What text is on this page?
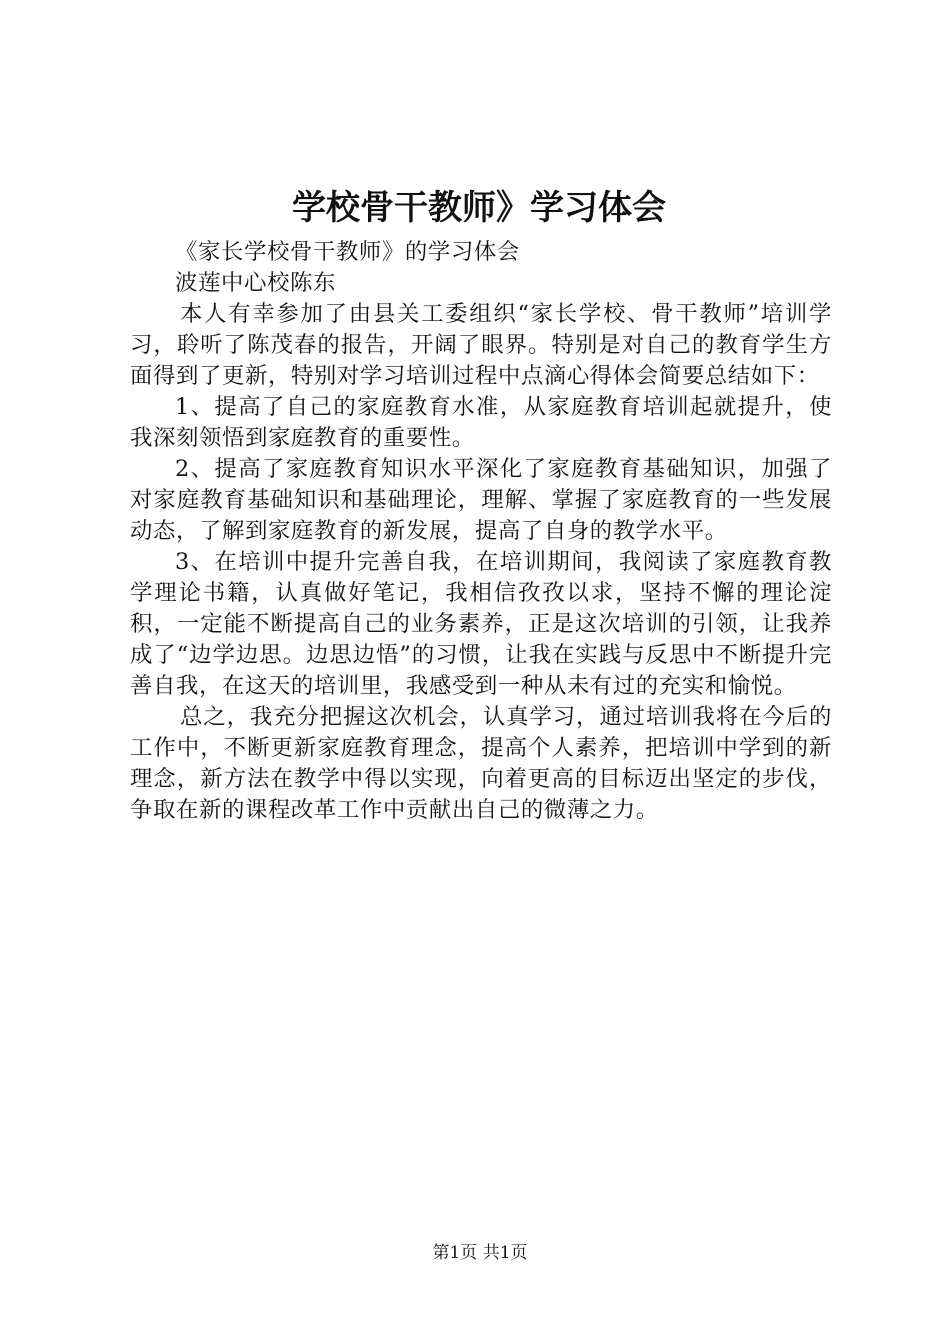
学校骨干教师》学习体会

《家长学校骨干教师》的学习体会

波莲中心校陈东

本人有幸参加了由县关工委组织“家长学校、骨干教师”培训学习，聆听了陈茂春的报告，开阔了眼界。特别是对自己的教育学生方面得到了更新，特别对学习培训过程中点滴心得体会简要总结如下：

1、提高了自己的家庭教育水准，从家庭教育培训起就提升，使我深刻领悟到家庭教育的重要性。

2、提高了家庭教育知识水平深化了家庭教育基础知识，加强了对家庭教育基础知识和基础理论，理解、掌握了家庭教育的一些发展动态，了解到家庭教育的新发展，提高了自身的教学水平。

3、在培训中提升完善自我，在培训期间，我阅读了家庭教育教学理论书籍，认真做好笔记，我相信孜孜以求，坚持不懈的理论淀积，一定能不断提高自己的业务素养，正是这次培训的引领，让我养成了“边学边思。边思边悟”的习惯，让我在实践与反思中不断提升完善自我，在这天的培训里，我感受到一种从未有过的充实和愉悦。

总之，我充分把握这次机会，认真学习，通过培训我将在今后的工作中，不断更新家庭教育理念，提高个人素养，把培训中学到的新理念，新方法在教学中得以实现，向着更高的目标迈出坚定的步伐，争取在新的课程改革工作中贡献出自己的微薄之力。

第1页 共1页
